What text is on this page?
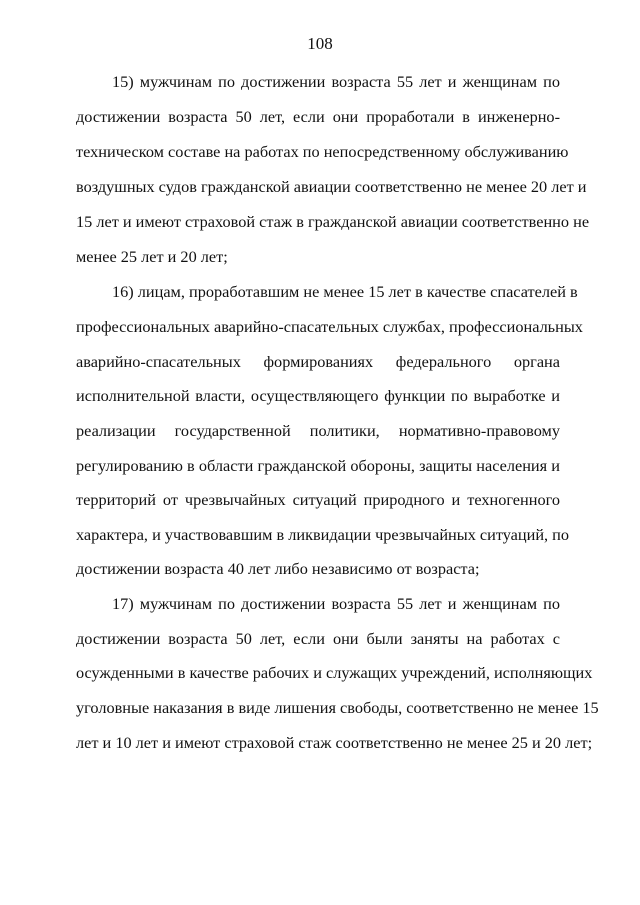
108
15) мужчинам по достижении возраста 55 лет и женщинам по
достижении возраста 50 лет, если они проработали в инженерно-
техническом составе на работах по непосредственному обслуживанию
воздушных судов гражданской авиации соответственно не менее 20 лет и
15 лет и имеют страховой стаж в гражданской авиации соответственно не
менее 25 лет и 20 лет;
16) лицам, проработавшим не менее 15 лет в качестве спасателей в
профессиональных аварийно-спасательных службах, профессиональных
аварийно-спасательных формированиях федерального органа
исполнительной власти, осуществляющего функции по выработке и
реализации государственной политики, нормативно-правовому
регулированию в области гражданской обороны, защиты населения и
территорий от чрезвычайных ситуаций природного и техногенного
характера, и участвовавшим в ликвидации чрезвычайных ситуаций, по
достижении возраста 40 лет либо независимо от возраста;
17) мужчинам по достижении возраста 55 лет и женщинам по
достижении возраста 50 лет, если они были заняты на работах с
осужденными в качестве рабочих и служащих учреждений, исполняющих
уголовные наказания в виде лишения свободы, соответственно не менее 15
лет и 10 лет и имеют страховой стаж соответственно не менее 25 и 20 лет;
